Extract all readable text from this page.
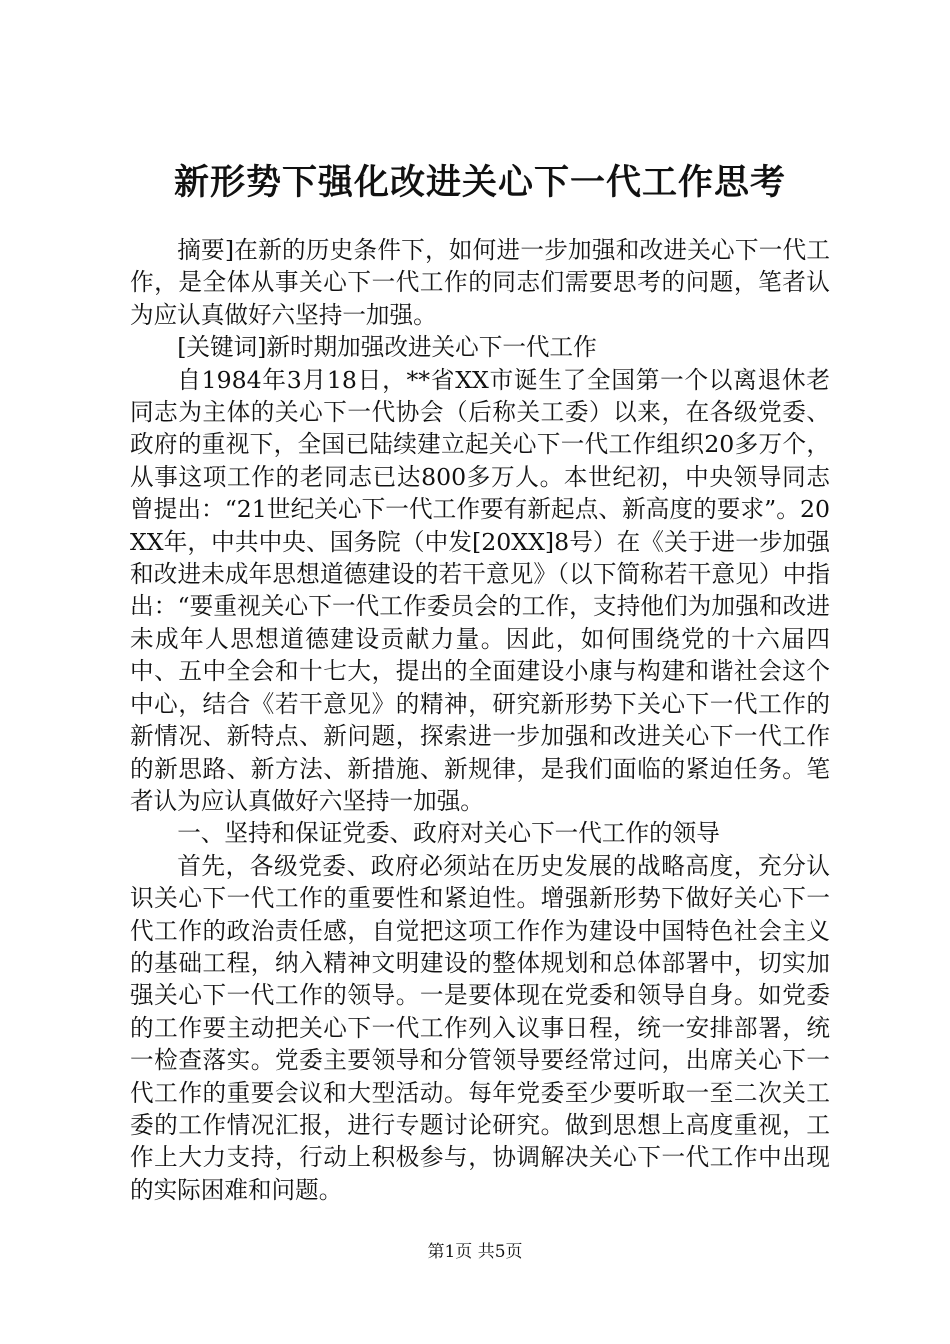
新形势下强化改进关心下一代工作思考

摘要]在新的历史条件下，如何进一步加强和改进关心下一代工作，是全体从事关心下一代工作的同志们需要思考的问题，笔者认为应认真做好六坚持一加强。

[关键词]新时期加强改进关心下一代工作

自1984年3月18日，**省XX市诞生了全国第一个以离退休老同志为主体的关心下一代协会（后称关工委）以来，在各级党委、政府的重视下，全国已陆续建立起关心下一代工作组织20多万个，从事这项工作的老同志已达800多万人。本世纪初，中央领导同志曾提出：“21世纪关心下一代工作要有新起点、新高度的要求”。20XX年，中共中央、国务院（中发[20XX]8号）在《关于进一步加强和改进未成年思想道德建设的若干意见》（以下简称若干意见）中指出：“要重视关心下一代工作委员会的工作，支持他们为加强和改进未成年人思想道德建设贡献力量。因此，如何围绕党的十六届四中、五中全会和十七大，提出的全面建设小康与构建和谐社会这个中心，结合《若干意见》的精神，研究新形势下关心下一代工作的新情况、新特点、新问题，探索进一步加强和改进关心下一代工作的新思路、新方法、新措施、新规律，是我们面临的紧迫任务。笔者认为应认真做好六坚持一加强。

一、坚持和保证党委、政府对关心下一代工作的领导

首先，各级党委、政府必须站在历史发展的战略高度，充分认识关心下一代工作的重要性和紧迫性。增强新形势下做好关心下一代工作的政治责任感，自觉把这项工作作为建设中国特色社会主义的基础工程，纳入精神文明建设的整体规划和总体部署中，切实加强关心下一代工作的领导。一是要体现在党委和领导自身。如党委的工作要主动把关心下一代工作列入议事日程，统一安排部署，统一检查落实。党委主要领导和分管领导要经常过问，出席关心下一代工作的重要会议和大型活动。每年党委至少要听取一至二次关工委的工作情况汇报，进行专题讨论研究。做到思想上高度重视，工作上大力支持，行动上积极参与，协调解决关心下一代工作中出现的实际困难和问题。

第1页 共5页
